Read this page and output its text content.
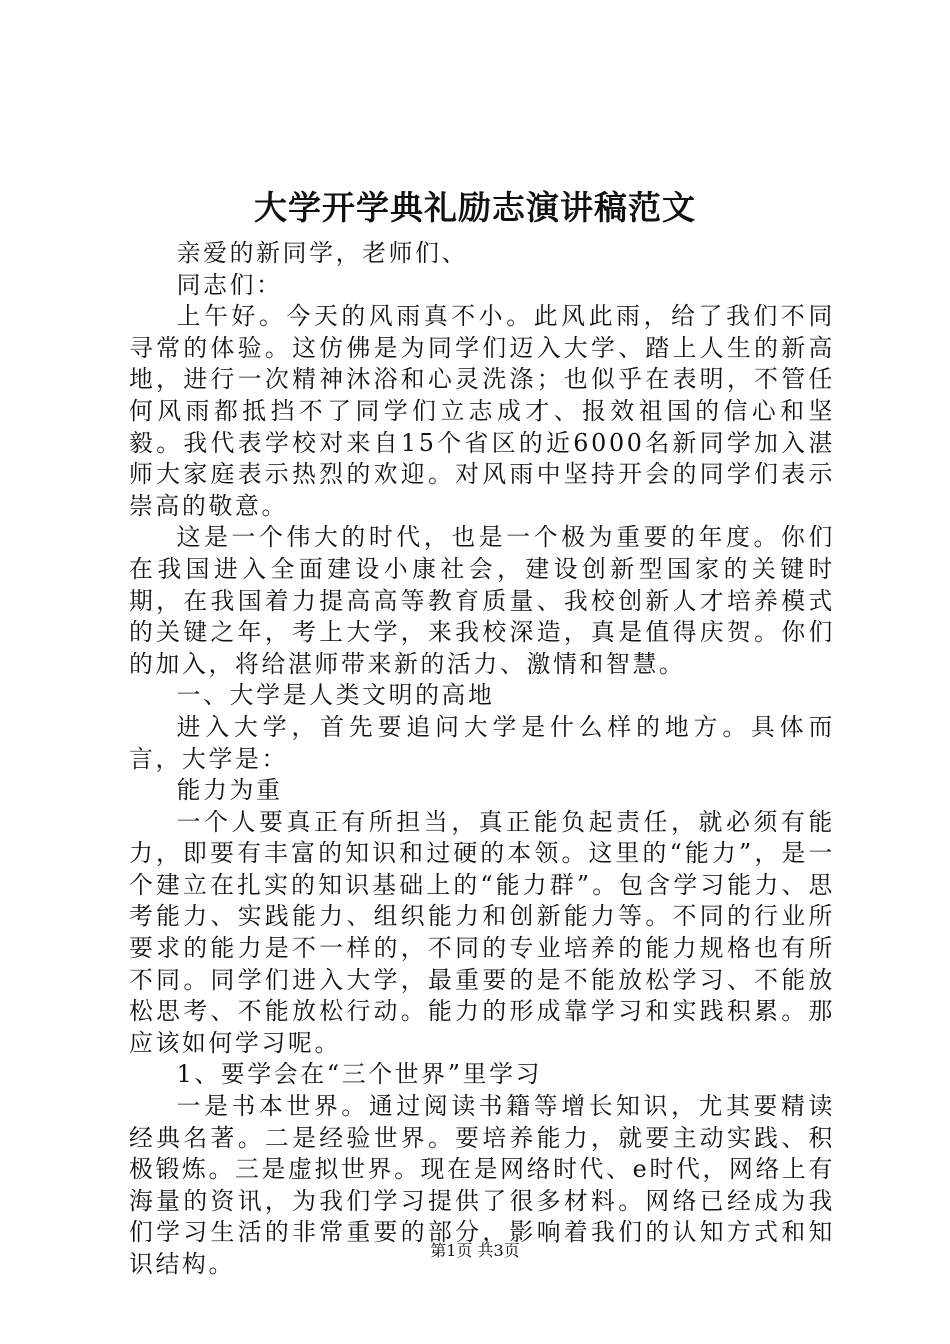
大学开学典礼励志演讲稿范文

亲爱的新同学，老师们、

同志们：

上午好。今天的风雨真不小。此风此雨，给了我们不同寻常的体验。这仿佛是为同学们迈入大学、踏上人生的新高地，进行一次精神沐浴和心灵洗涤；也似乎在表明，不管任何风雨都抵挡不了同学们立志成才、报效祖国的信心和坚毅。我代表学校对来自15个省区的近6000名新同学加入湛师大家庭表示热烈的欢迎。对风雨中坚持开会的同学们表示崇高的敬意。

这是一个伟大的时代，也是一个极为重要的年度。你们在我国进入全面建设小康社会，建设创新型国家的关键时期，在我国着力提高高等教育质量、我校创新人才培养模式的关键之年，考上大学，来我校深造，真是值得庆贺。你们的加入，将给湛师带来新的活力、激情和智慧。

一、大学是人类文明的高地

进入大学，首先要追问大学是什么样的地方。具体而言，大学是：

能力为重

一个人要真正有所担当，真正能负起责任，就必须有能力，即要有丰富的知识和过硬的本领。这里的“能力”，是一个建立在扎实的知识基础上的“能力群”。包含学习能力、思考能力、实践能力、组织能力和创新能力等。不同的行业所要求的能力是不一样的，不同的专业培养的能力规格也有所不同。同学们进入大学，最重要的是不能放松学习、不能放松思考、不能放松行动。能力的形成靠学习和实践积累。那应该如何学习呢。

1、要学会在“三个世界”里学习

一是书本世界。通过阅读书籍等增长知识，尤其要精读经典名著。二是经验世界。要培养能力，就要主动实践、积极锻炼。三是虚拟世界。现在是网络时代、e时代，网络上有海量的资讯，为我们学习提供了很多材料。网络已经成为我们学习生活的非常重要的部分，影响着我们的认知方式和知识结构。	第1页 共3页
